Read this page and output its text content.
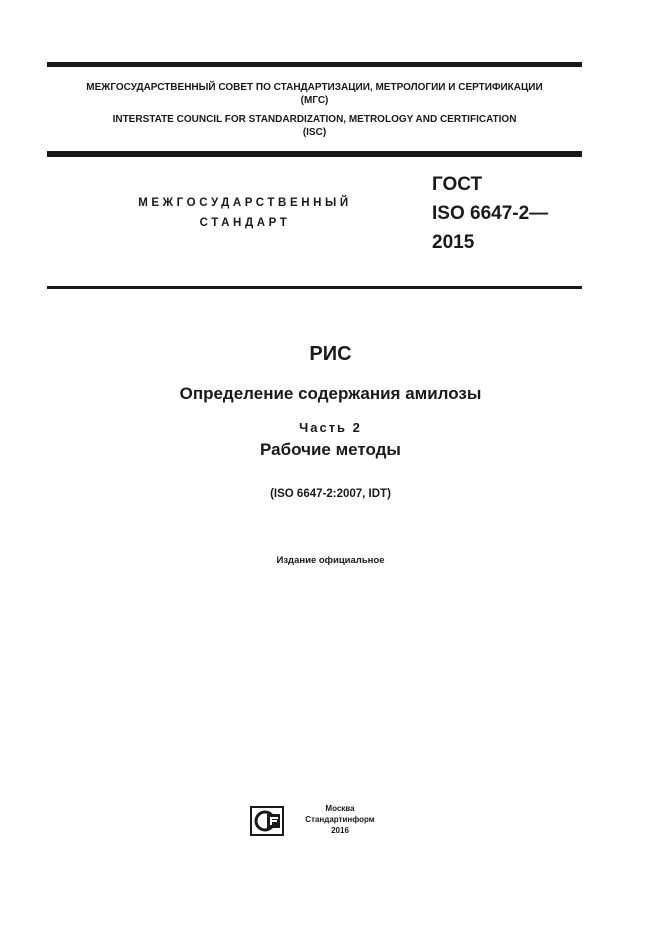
МЕЖГОСУДАРСТВЕННЫЙ СОВЕТ ПО СТАНДАРТИЗАЦИИ, МЕТРОЛОГИИ И СЕРТИФИКАЦИИ
(МГС)
INTERSTATE COUNCIL FOR STANDARDIZATION, METROLOGY AND CERTIFICATION
(ISC)
МЕЖГОСУДАРСТВЕННЫЙ
СТАНДАРТ
ГОСТ
ISO 6647-2—
2015
РИС
Определение содержания амилозы
Часть 2
Рабочие методы
(ISO 6647-2:2007, IDT)
Издание официальное
Москва
Стандартинформ
2016
